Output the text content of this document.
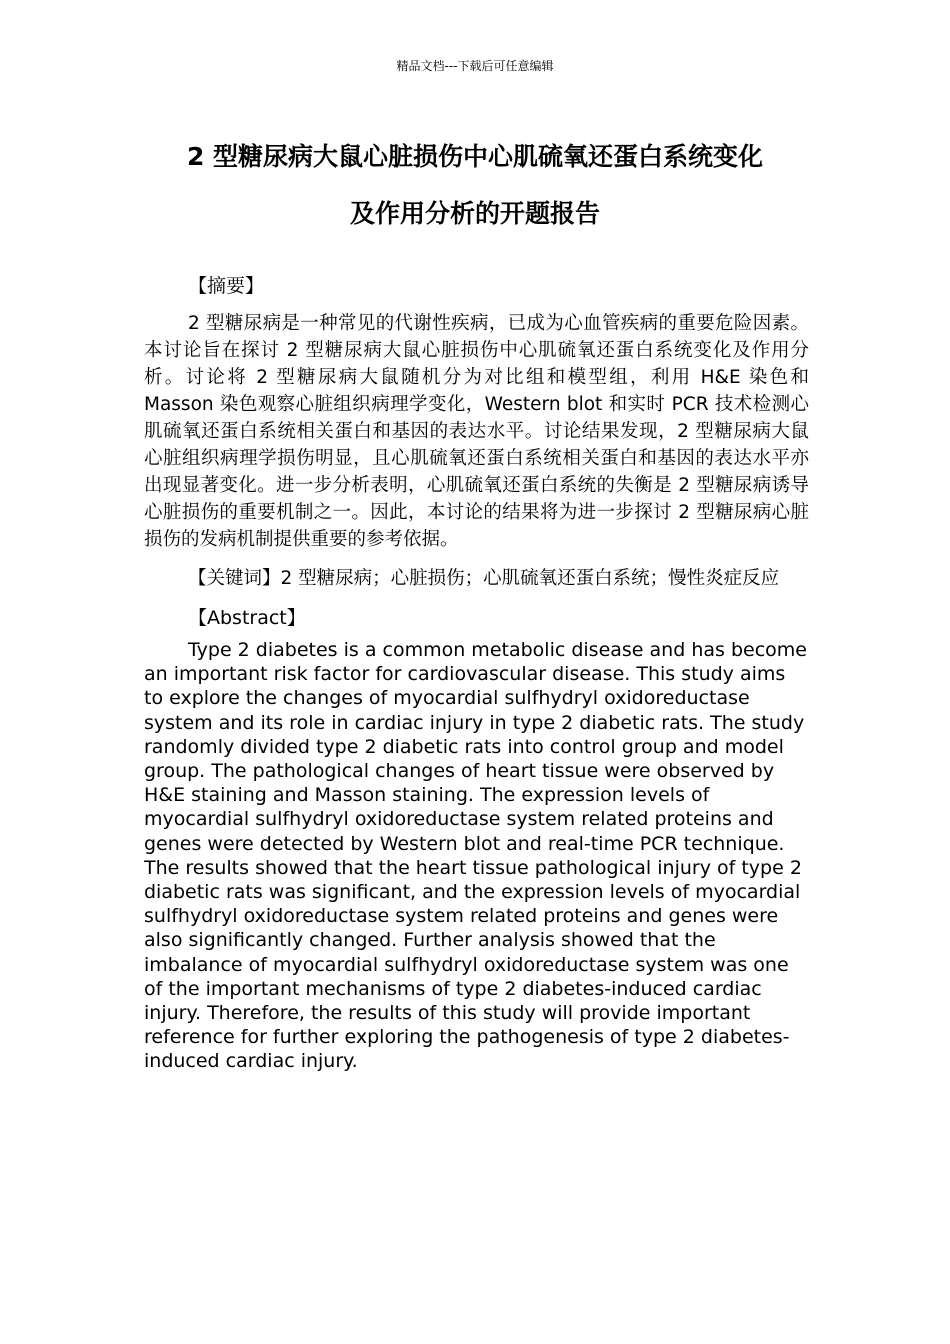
精品文档---下载后可任意编辑
2 型糖尿病大鼠心脏损伤中心肌硫氧还蛋白系统变化
及作用分析的开题报告

【摘要】

2 型糖尿病是一种常见的代谢性疾病，已成为心血管疾病的重要危险因素。本讨论旨在探讨 2 型糖尿病大鼠心脏损伤中心肌硫氧还蛋白系统变化及作用分析。讨论将 2 型糖尿病大鼠随机分为对比组和模型组，利用 H&E 染色和 Masson 染色观察心脏组织病理学变化，Western blot 和实时 PCR 技术检测心肌硫氧还蛋白系统相关蛋白和基因的表达水平。讨论结果发现，2 型糖尿病大鼠心脏组织病理学损伤明显，且心肌硫氧还蛋白系统相关蛋白和基因的表达水平亦出现显著变化。进一步分析表明，心肌硫氧还蛋白系统的失衡是 2 型糖尿病诱导心脏损伤的重要机制之一。因此，本讨论的结果将为进一步探讨 2 型糖尿病心脏损伤的发病机制提供重要的参考依据。

【关键词】2 型糖尿病；心脏损伤；心肌硫氧还蛋白系统；慢性炎症反应

【Abstract】

Type 2 diabetes is a common metabolic disease and has become an important risk factor for cardiovascular disease. This study aims to explore the changes of myocardial sulfhydryl oxidoreductase system and its role in cardiac injury in type 2 diabetic rats. The study randomly divided type 2 diabetic rats into control group and model group. The pathological changes of heart tissue were observed by H&E staining and Masson staining. The expression levels of myocardial sulfhydryl oxidoreductase system related proteins and genes were detected by Western blot and real-time PCR technique. The results showed that the heart tissue pathological injury of type 2 diabetic rats was significant, and the expression levels of myocardial sulfhydryl oxidoreductase system related proteins and genes were also significantly changed. Further analysis showed that the imbalance of myocardial sulfhydryl oxidoreductase system was one of the important mechanisms of type 2 diabetes-induced cardiac injury. Therefore, the results of this study will provide important reference for further exploring the pathogenesis of type 2 diabetes-induced cardiac injury.
